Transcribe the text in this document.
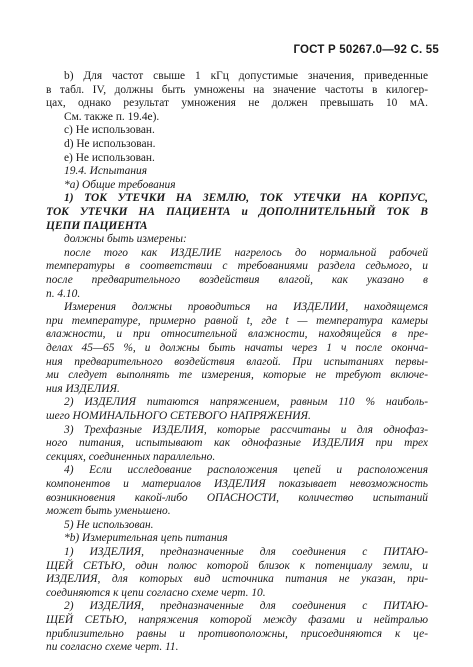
ГОСТ Р 50267.0—92 С. 55
b) Для частот свыше 1 кГц допустимые значения, приведенные
в табл. IV, должны быть умножены на значение частоты в килогер-
цах, однако результат умножения не должен превышать 10 мА.
См. также п. 19.4е).
с) Не использован.
d) Не использован.
е) Не использован.
19.4. Испытания
*а) Общие требования
1) ТОК УТЕЧКИ НА ЗЕМЛЮ, ТОК УТЕЧКИ НА КОРПУС,
ТОК УТЕЧКИ НА ПАЦИЕНТА и ДОПОЛНИТЕЛЬНЫЙ ТОК В
ЦЕПИ ПАЦИЕНТА
должны быть измерены:
после того как ИЗДЕЛИЕ нагрелось до нормальной рабочей
температуры в соответствии с требованиями раздела седьмого, и
после предварительного воздействия влагой, как указано в
п. 4.10.
Измерения должны проводиться на ИЗДЕЛИИ, находящемся
при температуре, примерно равной t, где t — температура камеры
влажности, и при относительной влажности, находящейся в пре-
делах 45—65 %, и должны быть начаты через 1 ч после оконча-
ния предварительного воздействия влагой. При испытаниях первы-
ми следует выполнять те измерения, которые не требуют включе-
ния ИЗДЕЛИЯ.
2) ИЗДЕЛИЯ питаются напряжением, равным 110 % наиболь-
шего НОМИНАЛЬНОГО СЕТЕВОГО НАПРЯЖЕНИЯ.
3) Трехфазные ИЗДЕЛИЯ, которые рассчитаны и для однофаз-
ного питания, испытывают как однофазные ИЗДЕЛИЯ при трех
секциях, соединенных параллельно.
4) Если исследование расположения цепей и расположения
компонентов и материалов ИЗДЕЛИЯ показывает невозможность
возникновения какой-либо ОПАСНОСТИ, количество испытаний
может быть уменьшено.
5) Не использован.
*b) Измерительная цепь питания
1) ИЗДЕЛИЯ, предназначенные для соединения с ПИТАЮ-
ЩЕЙ СЕТЬЮ, один полюс которой близок к потенциалу земли, и
ИЗДЕЛИЯ, для которых вид источника питания не указан, при-
соединяются к цепи согласно схеме черт. 10.
2) ИЗДЕЛИЯ, предназначенные для соединения с ПИТАЮ-
ЩЕЙ СЕТЬЮ, напряжения которой между фазами и нейтралью
приблизительно равны и противоположны, присоединяются к це-
пи согласно схеме черт. 11.
